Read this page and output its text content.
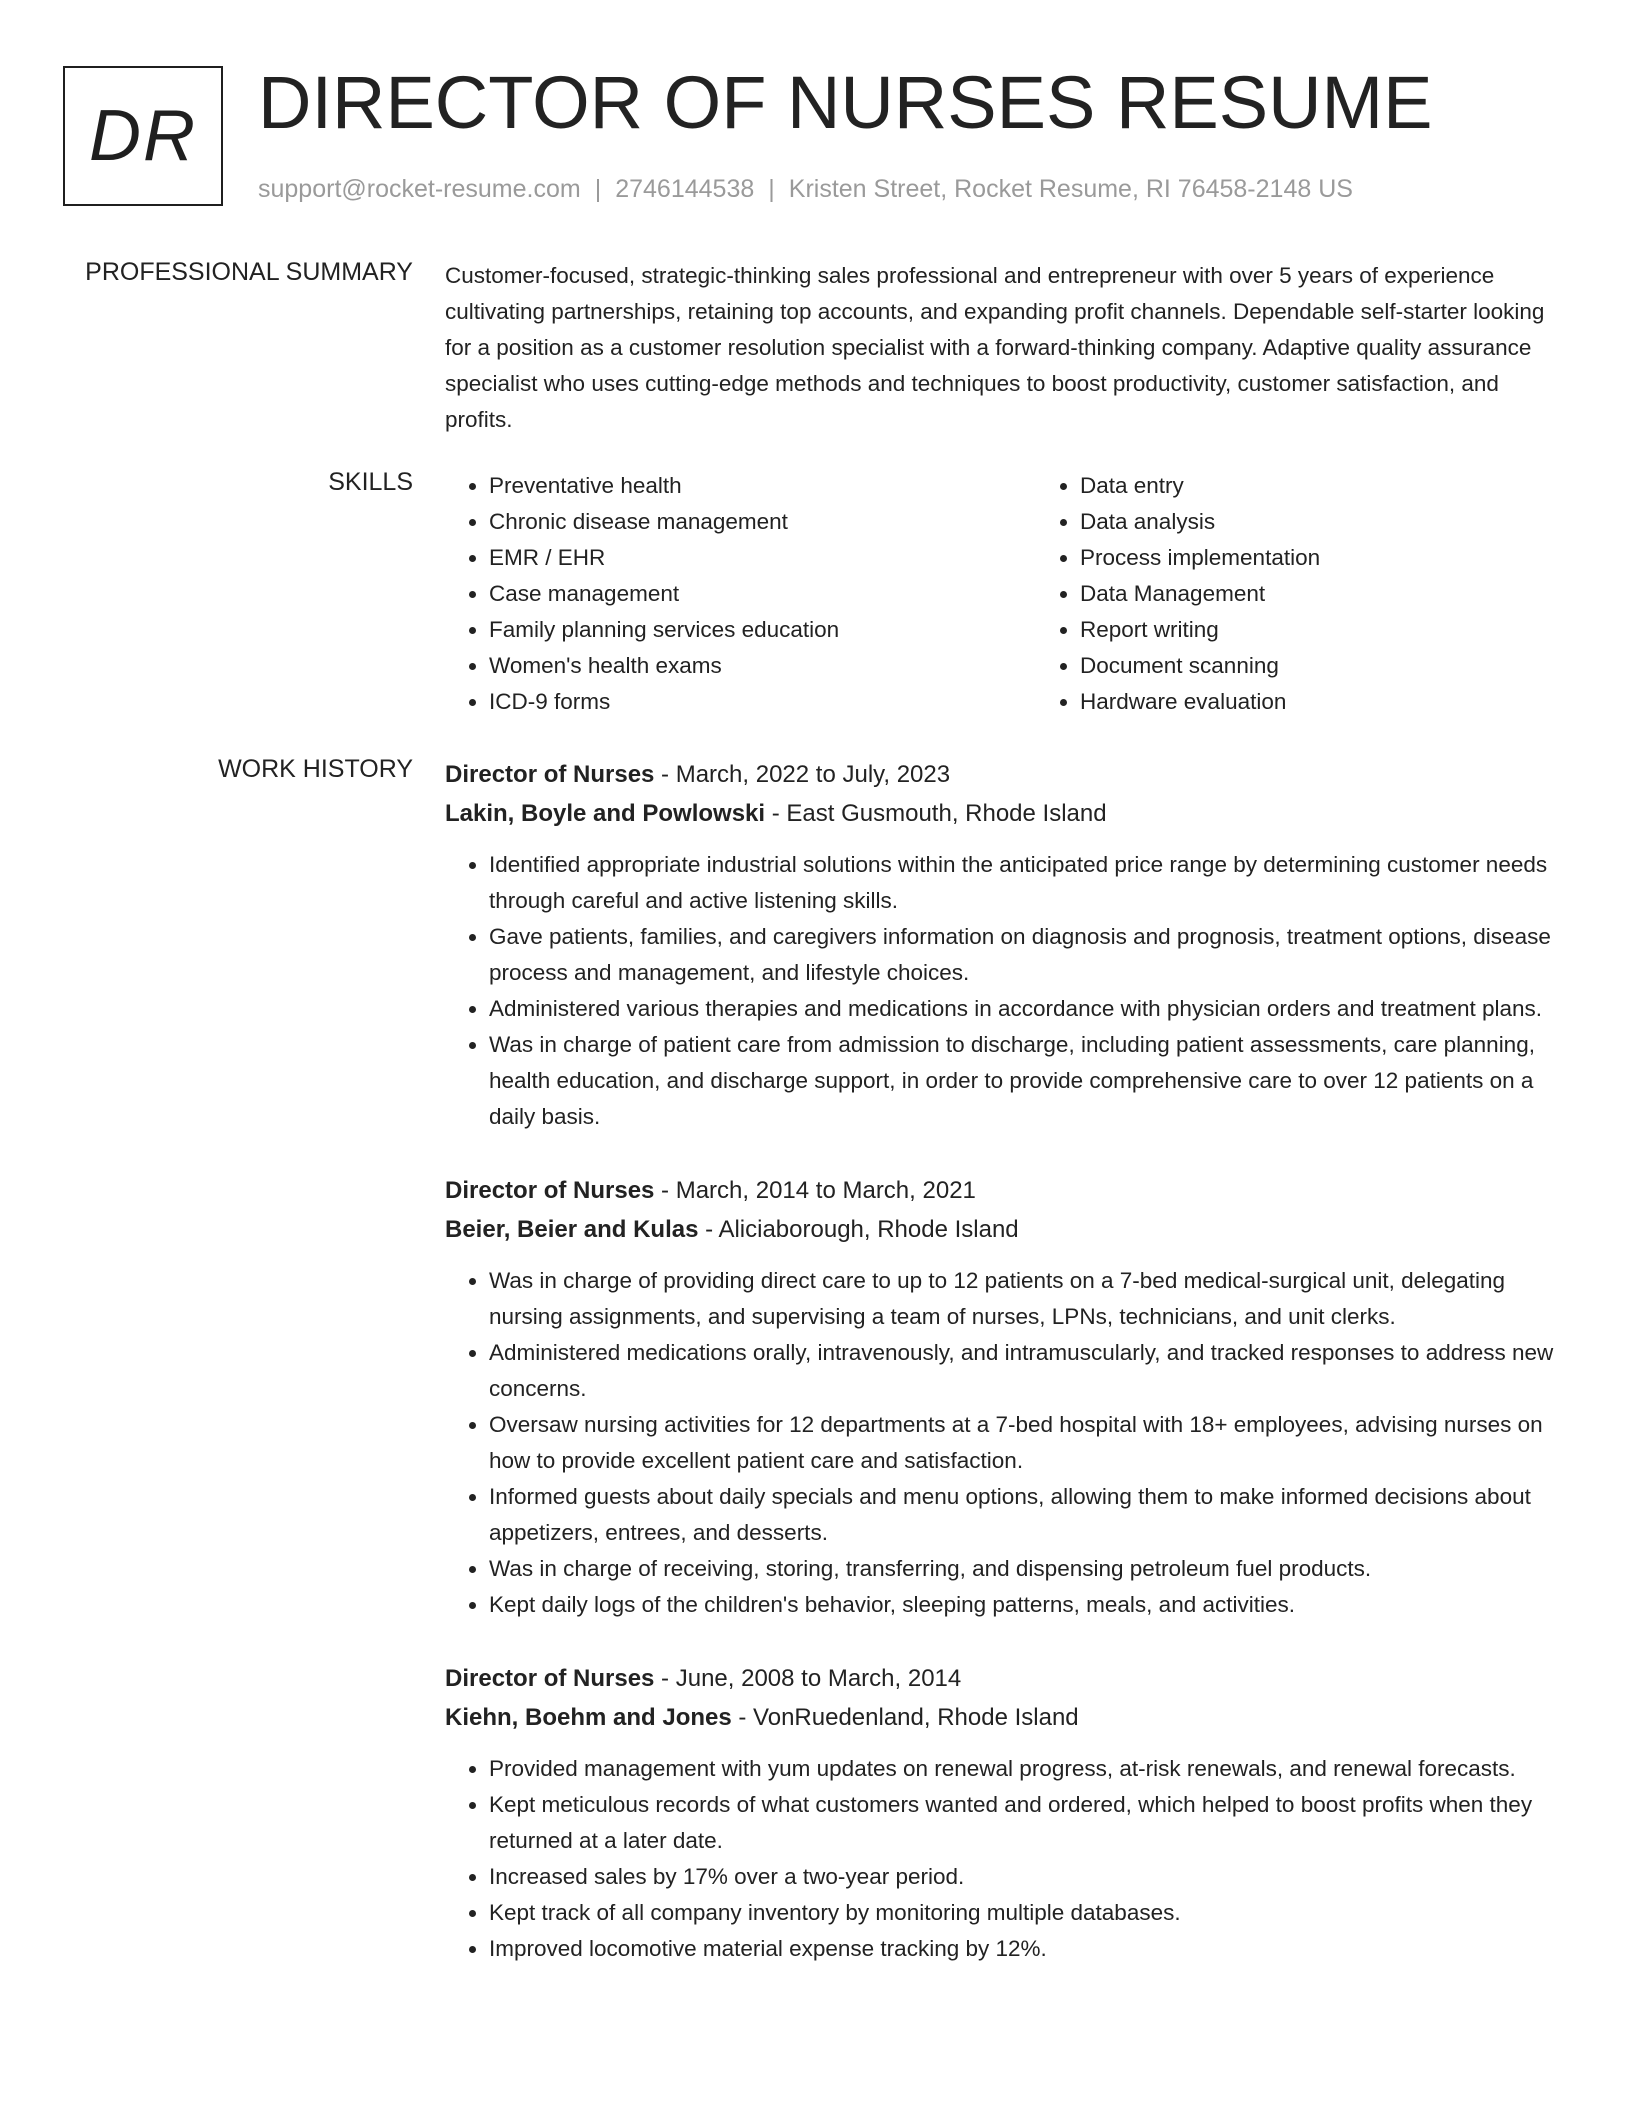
DR DIRECTOR OF NURSES RESUME
support@rocket-resume.com | 2746144538 | Kristen Street, Rocket Resume, RI 76458-2148 US
PROFESSIONAL SUMMARY Customer-focused, strategic-thinking sales professional and entrepreneur with over 5 years of experience cultivating partnerships, retaining top accounts, and expanding profit channels. Dependable self-starter looking for a position as a customer resolution specialist with a forward-thinking company. Adaptive quality assurance specialist who uses cutting-edge methods and techniques to boost productivity, customer satisfaction, and profits.
SKILLS
•	Preventative health
• Chronic disease management
• EMR / EHR
• Case management
• Family planning services education
• Women's health exams
• ICD-9 forms
• Data entry
• Data analysis
• Process implementation
• Data Management
• Report writing
• Document scanning
• Hardware evaluation
WORK HISTORY Director of Nurses - March, 2022 to July, 2023
Lakin, Boyle and Powlowski - East Gusmouth, Rhode Island
• Identified appropriate industrial solutions within the anticipated price range by determining customer needs through careful and active listening skills.
• Gave patients, families, and caregivers information on diagnosis and prognosis, treatment options, disease process and management, and lifestyle choices.
• Administered various therapies and medications in accordance with physician orders and treatment plans.
• Was in charge of patient care from admission to discharge, including patient assessments, care planning, health education, and discharge support, in order to provide comprehensive care to over 12 patients on a daily basis.
Director of Nurses - March, 2014 to March, 2021
Beier, Beier and Kulas - Aliciaborough, Rhode Island
• Was in charge of providing direct care to up to 12 patients on a 7-bed medical-surgical unit, delegating nursing assignments, and supervising a team of nurses, LPNs, technicians, and unit clerks.
• Administered medications orally, intravenously, and intramuscularly, and tracked responses to address new concerns.
• Oversaw nursing activities for 12 departments at a 7-bed hospital with 18+ employees, advising nurses on how to provide excellent patient care and satisfaction.
• Informed guests about daily specials and menu options, allowing them to make informed decisions about appetizers, entrees, and desserts.
• Was in charge of receiving, storing, transferring, and dispensing petroleum fuel products.
• Kept daily logs of the children's behavior, sleeping patterns, meals, and activities.
Director of Nurses - June, 2008 to March, 2014
Kiehn, Boehm and Jones - VonRuedenland, Rhode Island
• Provided management with yum updates on renewal progress, at-risk renewals, and renewal forecasts.
• Kept meticulous records of what customers wanted and ordered, which helped to boost profits when they returned at a later date.
• Increased sales by 17% over a two-year period.
• Kept track of all company inventory by monitoring multiple databases.
• Improved locomotive material expense tracking by 12%.
